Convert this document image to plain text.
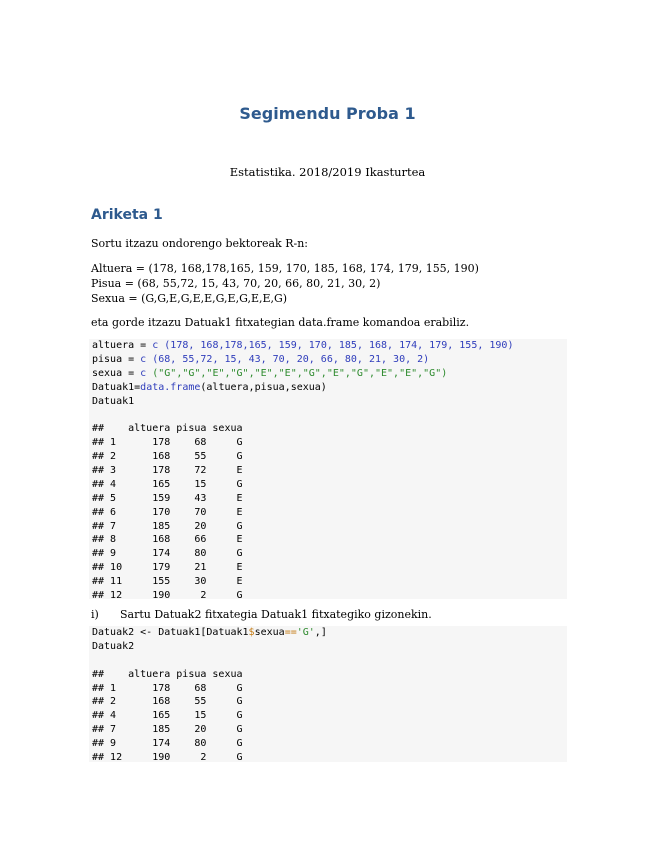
Segimendu Proba 1
Estatistika. 2018/2019 Ikasturtea
Ariketa 1
Sortu itzazu ondorengo bektoreak R-n:
Altuera = (178, 168,178,165, 159, 170, 185, 168, 174, 179, 155, 190)
Pisua = (68, 55,72, 15, 43, 70, 20, 66, 80, 21, 30, 2)
Sexua = (G,G,E,G,E,E,G,E,G,E,E,G)
eta gorde itzazu Datuak1 fitxategian data.frame komandoa erabiliz.
altuera = c (178, 168,178,165, 159, 170, 185, 168, 174, 179, 155, 190)
pisua = c (68, 55,72, 15, 43, 70, 20, 66, 80, 21, 30, 2)
sexua = c ("G","G","E","G","E","E","G","E","G","E","E","G")
Datuak1=data.frame(altuera,pisua,sexua)
Datuak1
##    altuera pisua sexua
## 1      178    68     G
## 2      168    55     G
## 3      178    72     E
## 4      165    15     G
## 5      159    43     E
## 6      170    70     E
## 7      185    20     G
## 8      168    66     E
## 9      174    80     G
## 10     179    21     E
## 11     155    30     E
## 12     190     2     G
i) Sartu Datuak2 fitxategia Datuak1 fitxategiko gizonekin.
Datuak2 <- Datuak1[Datuak1$sexua=='G',]
Datuak2
##    altuera pisua sexua
## 1      178    68     G
## 2      168    55     G
## 4      165    15     G
## 7      185    20     G
## 9      174    80     G
## 12     190     2     G
